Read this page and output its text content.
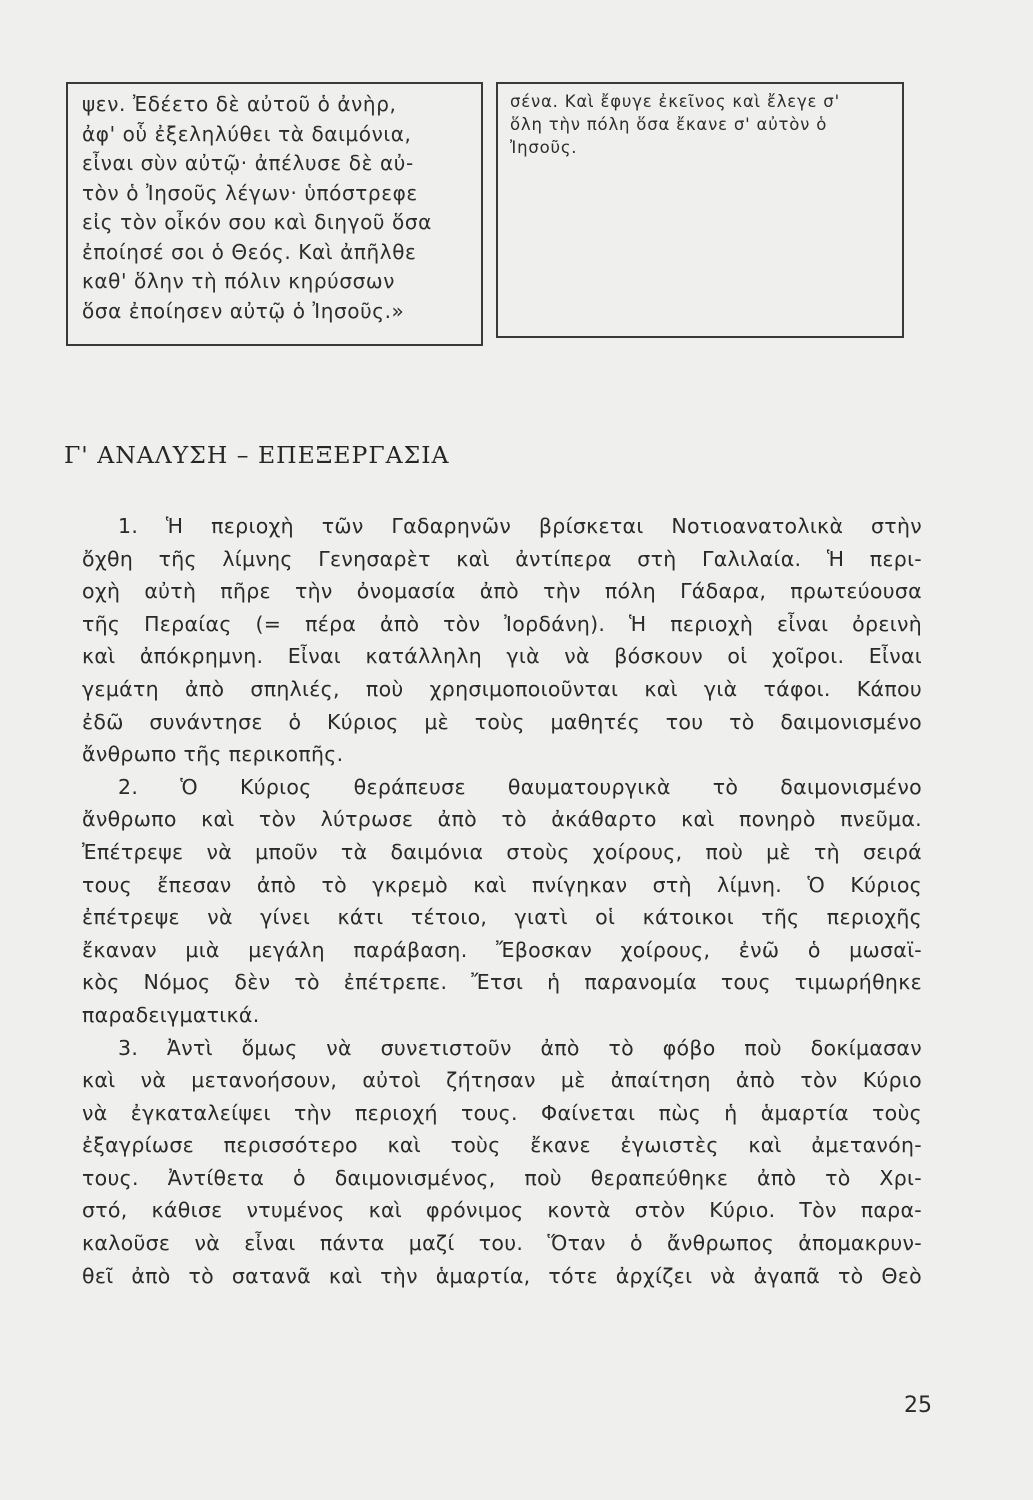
ψεν. Ἐδέετο δὲ αὐτοῦ ὁ ἀνὴρ,
ἀφ' οὗ ἐξεληλύθει τὰ δαιμόνια,
εἶναι σὺν αὐτῷ· ἀπέλυσε δὲ αὐ-
τὸν ὁ Ἰησοῦς λέγων· ὑπόστρεφε
εἰς τὸν οἶκόν σου καὶ διηγοῦ ὅσα
ἐποίησέ σοι ὁ Θεός. Καὶ ἀπῆλθε
καθ' ὅλην τὴ πόλιν κηρύσσων
ὅσα ἐποίησεν αὐτῷ ὁ Ἰησοῦς.»
σένα. Καὶ ἔφυγε ἐκεῖνος καὶ ἔλεγε σ'
ὅλη τὴν πόλη ὅσα ἔκανε σ' αὐτὸν ὁ
Ἰησοῦς.
Γ' ΑΝΑΛΥΣΗ – ΕΠΕΞΕΡΓΑΣΙΑ
1. Ἡ περιοχὴ τῶν Γαδαρηνῶν βρίσκεται Νοτιοανατολικὰ στὴν
ὄχθη τῆς λίμνης Γενησαρὲτ καὶ ἀντίπερα στὴ Γαλιλαία. Ἡ περι-
οχὴ αὐτὴ πῆρε τὴν ὀνομασία ἀπὸ τὴν πόλη Γάδαρα, πρωτεύουσα
τῆς Περαίας (= πέρα ἀπὸ τὸν Ἰορδάνη). Ἡ περιοχὴ εἶναι ὀρεινὴ
καὶ ἀπόκρημνη. Εἶναι κατάλληλη γιὰ νὰ βόσκουν οἱ χοῖροι. Εἶναι
γεμάτη ἀπὸ σπηλιές, ποὺ χρησιμοποιοῦνται καὶ γιὰ τάφοι. Κάπου
ἐδῶ συνάντησε ὁ Κύριος μὲ τοὺς μαθητές του τὸ δαιμονισμένο
ἄνθρωπο τῆς περικοπῆς.
2. Ὁ Κύριος θεράπευσε θαυματουργικὰ τὸ δαιμονισμένο
ἄνθρωπο καὶ τὸν λύτρωσε ἀπὸ τὸ ἀκάθαρτο καὶ πονηρὸ πνεῦμα.
Ἐπέτρεψε νὰ μποῦν τὰ δαιμόνια στοὺς χοίρους, ποὺ μὲ τὴ σειρά
τους ἔπεσαν ἀπὸ τὸ γκρεμὸ καὶ πνίγηκαν στὴ λίμνη. Ὁ Κύριος
ἐπέτρεψε νὰ γίνει κάτι τέτοιο, γιατὶ οἱ κάτοικοι τῆς περιοχῆς
ἔκαναν μιὰ μεγάλη παράβαση. Ἔβοσκαν χοίρους, ἐνῶ ὁ μωσαϊ-
κὸς Νόμος δὲν τὸ ἐπέτρεπε. Ἔτσι ἡ παρανομία τους τιμωρήθηκε
παραδειγματικά.
3. Ἀντὶ ὅμως νὰ συνετιστοῦν ἀπὸ τὸ φόβο ποὺ δοκίμασαν
καὶ νὰ μετανοήσουν, αὐτοὶ ζήτησαν μὲ ἀπαίτηση ἀπὸ τὸν Κύριο
νὰ ἐγκαταλείψει τὴν περιοχή τους. Φαίνεται πὼς ἡ ἁμαρτία τοὺς
ἐξαγρίωσε περισσότερο καὶ τοὺς ἔκανε ἐγωιστὲς καὶ ἀμετανόη-
τους. Ἀντίθετα ὁ δαιμονισμένος, ποὺ θεραπεύθηκε ἀπὸ τὸ Χρι-
στό, κάθισε ντυμένος καὶ φρόνιμος κοντὰ στὸν Κύριο. Τὸν παρα-
καλοῦσε νὰ εἶναι πάντα μαζί του. Ὅταν ὁ ἄνθρωπος ἀπομακρυν-
θεῖ ἀπὸ τὸ σατανᾶ καὶ τὴν ἁμαρτία, τότε ἀρχίζει νὰ ἀγαπᾶ τὸ Θεὸ
25
